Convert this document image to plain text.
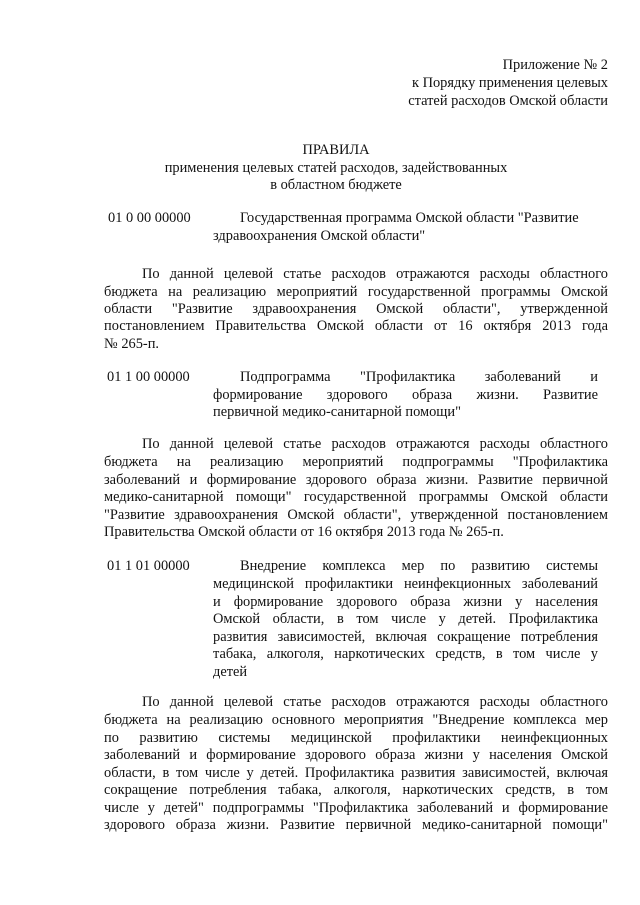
Приложение № 2
к Порядку применения целевых
статей расходов Омской области
ПРАВИЛА
применения целевых статей расходов, задействованных
в областном бюджете
01 0 00 00000	Государственная программа Омской области "Развитие
здравоохранения Омской области"
По данной целевой статье расходов отражаются расходы областного
бюджета на реализацию мероприятий государственной программы Омской
области "Развитие здравоохранения Омской области", утвержденной
постановлением Правительства Омской области от 16 октября 2013 года
№ 265-п.
01 1 00 00000	Подпрограмма "Профилактика заболеваний и
формирование здорового образа жизни. Развитие
первичной медико-санитарной помощи"
По данной целевой статье расходов отражаются расходы областного
бюджета на реализацию мероприятий подпрограммы "Профилактика
заболеваний и формирование здорового образа жизни. Развитие первичной
медико-санитарной помощи" государственной программы Омской области
"Развитие здравоохранения Омской области", утвержденной постановлением
Правительства Омской области от 16 октября 2013 года № 265-п.
01 1 01 00000	Внедрение комплекса мер по развитию системы
медицинской профилактики неинфекционных заболеваний
и формирование здорового образа жизни у населения
Омской области, в том числе у детей. Профилактика
развития зависимостей, включая сокращение потребления
табака, алкоголя, наркотических средств, в том числе у
детей
По данной целевой статье расходов отражаются расходы областного
бюджета на реализацию основного мероприятия "Внедрение комплекса мер
по развитию системы медицинской профилактики неинфекционных
заболеваний и формирование здорового образа жизни у населения Омской
области, в том числе у детей. Профилактика развития зависимостей, включая
сокращение потребления табака, алкоголя, наркотических средств, в том
числе у детей" подпрограммы "Профилактика заболеваний и формирование
здорового образа жизни. Развитие первичной медико-санитарной помощи"
